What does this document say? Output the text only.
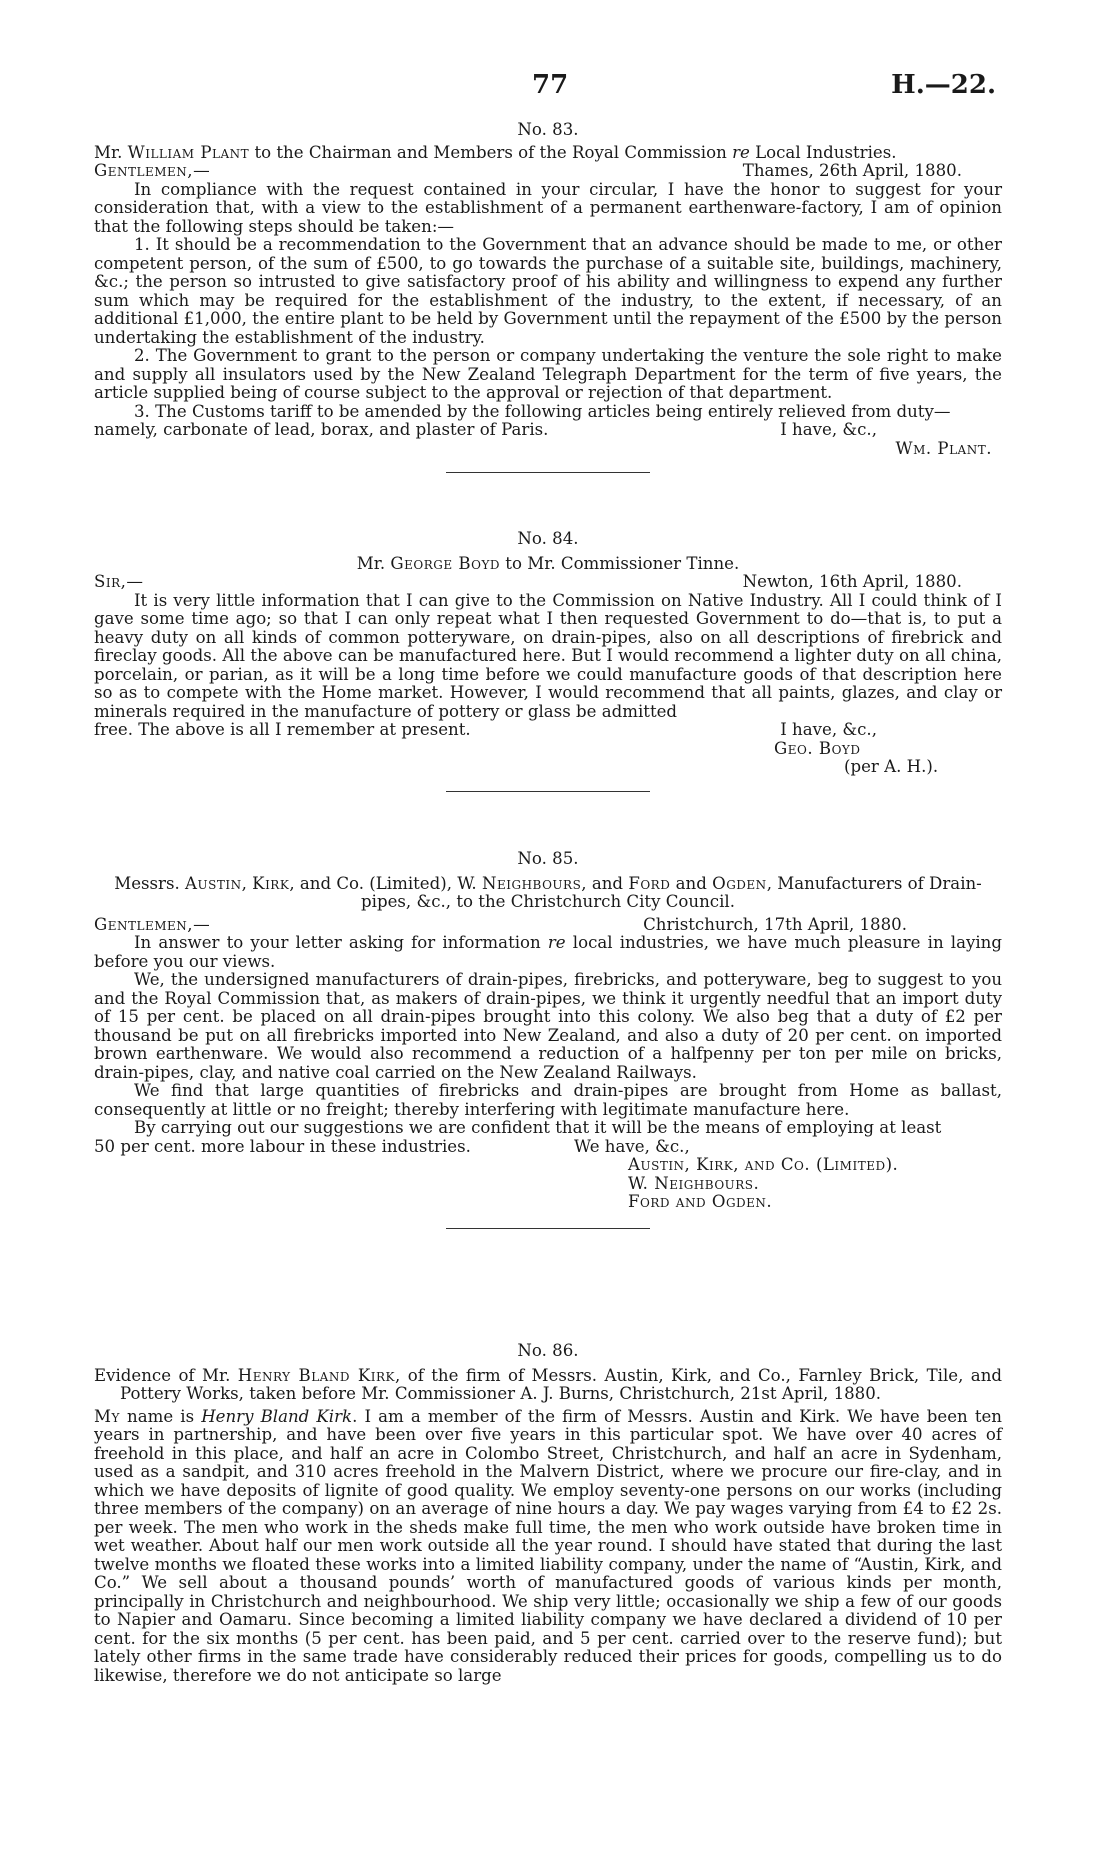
77	H.—22.
No. 83.
Mr. William Plant to the Chairman and Members of the Royal Commission re Local Industries.
Gentlemen,—	Thames, 26th April, 1880.

In compliance with the request contained in your circular, I have the honor to suggest for your consideration that, with a view to the establishment of a permanent earthenware-factory, I am of opinion that the following steps should be taken:—

1. It should be a recommendation to the Government that an advance should be made to me, or other competent person, of the sum of £500, to go towards the purchase of a suitable site, buildings, machinery, &c.; the person so intrusted to give satisfactory proof of his ability and willingness to expend any further sum which may be required for the establishment of the industry, to the extent, if necessary, of an additional £1,000, the entire plant to be held by Government until the repayment of the £500 by the person undertaking the establishment of the industry.

2. The Government to grant to the person or company undertaking the venture the sole right to make and supply all insulators used by the New Zealand Telegraph Department for the term of five years, the article supplied being of course subject to the approval or rejection of that department.

3. The Customs tariff to be amended by the following articles being entirely relieved from duty—

namely, carbonate of lead, borax, and plaster of Paris.	I have, &c.,
Wm. Plant.
No. 84.
Mr. George Boyd to Mr. Commissioner Tinne.
Sir,—	Newton, 16th April, 1880.

It is very little information that I can give to the Commission on Native Industry. All I could think of I gave some time ago; so that I can only repeat what I then requested Government to do—that is, to put a heavy duty on all kinds of common potteryware, on drain-pipes, also on all descriptions of firebrick and fireclay goods. All the above can be manufactured here. But I would recommend a lighter duty on all china, porcelain, or parian, as it will be a long time before we could manufacture goods of that description here so as to compete with the Home market. However, I would recommend that all paints, glazes, and clay or minerals required in the manufacture of pottery or glass be admitted

free. The above is all I remember at present.	I have, &c.,
Geo. Boyd
(per A. H.).
No. 85.
Messrs. Austin, Kirk, and Co. (Limited), W. Neighbours, and Ford and Ogden, Manufacturers of Drain-pipes, &c., to the Christchurch City Council.
Gentlemen,—	Christchurch, 17th April, 1880.

In answer to your letter asking for information re local industries, we have much pleasure in laying before you our views.

We, the undersigned manufacturers of drain-pipes, firebricks, and potteryware, beg to suggest to you and the Royal Commission that, as makers of drain-pipes, we think it urgently needful that an import duty of 15 per cent. be placed on all drain-pipes brought into this colony. We also beg that a duty of £2 per thousand be put on all firebricks imported into New Zealand, and also a duty of 20 per cent. on imported brown earthenware. We would also recommend a reduction of a halfpenny per ton per mile on bricks, drain-pipes, clay, and native coal carried on the New Zealand Railways.

We find that large quantities of firebricks and drain-pipes are brought from Home as ballast, consequently at little or no freight; thereby interfering with legitimate manufacture here.

By carrying out our suggestions we are confident that it will be the means of employing at least

50 per cent. more labour in these industries.	We have, &c.,
Austin, Kirk, and Co. (Limited).
W. Neighbours.
Ford and Ogden.
No. 86.

Evidence of Mr. Henry Bland Kirk, of the firm of Messrs. Austin, Kirk, and Co., Farnley Brick, Tile, and Pottery Works, taken before Mr. Commissioner A. J. Burns, Christchurch, 21st April, 1880.

My name is Henry Bland Kirk. I am a member of the firm of Messrs. Austin and Kirk. We have been ten years in partnership, and have been over five years in this particular spot. We have over 40 acres of freehold in this place, and half an acre in Colombo Street, Christchurch, and half an acre in Sydenham, used as a sandpit, and 310 acres freehold in the Malvern District, where we procure our fire-clay, and in which we have deposits of lignite of good quality. We employ seventy-one persons on our works (including three members of the company) on an average of nine hours a day. We pay wages varying from £4 to £2 2s. per week. The men who work in the sheds make full time, the men who work outside have broken time in wet weather. About half our men work outside all the year round. I should have stated that during the last twelve months we floated these works into a limited liability company, under the name of “Austin, Kirk, and Co.” We sell about a thousand pounds’ worth of manufactured goods of various kinds per month, principally in Christchurch and neighbourhood. We ship very little; occasionally we ship a few of our goods to Napier and Oamaru. Since becoming a limited liability company we have declared a dividend of 10 per cent. for the six months (5 per cent. has been paid, and 5 per cent. carried over to the reserve fund); but lately other firms in the same trade have considerably reduced their prices for goods, compelling us to do likewise, therefore we do not anticipate so large
